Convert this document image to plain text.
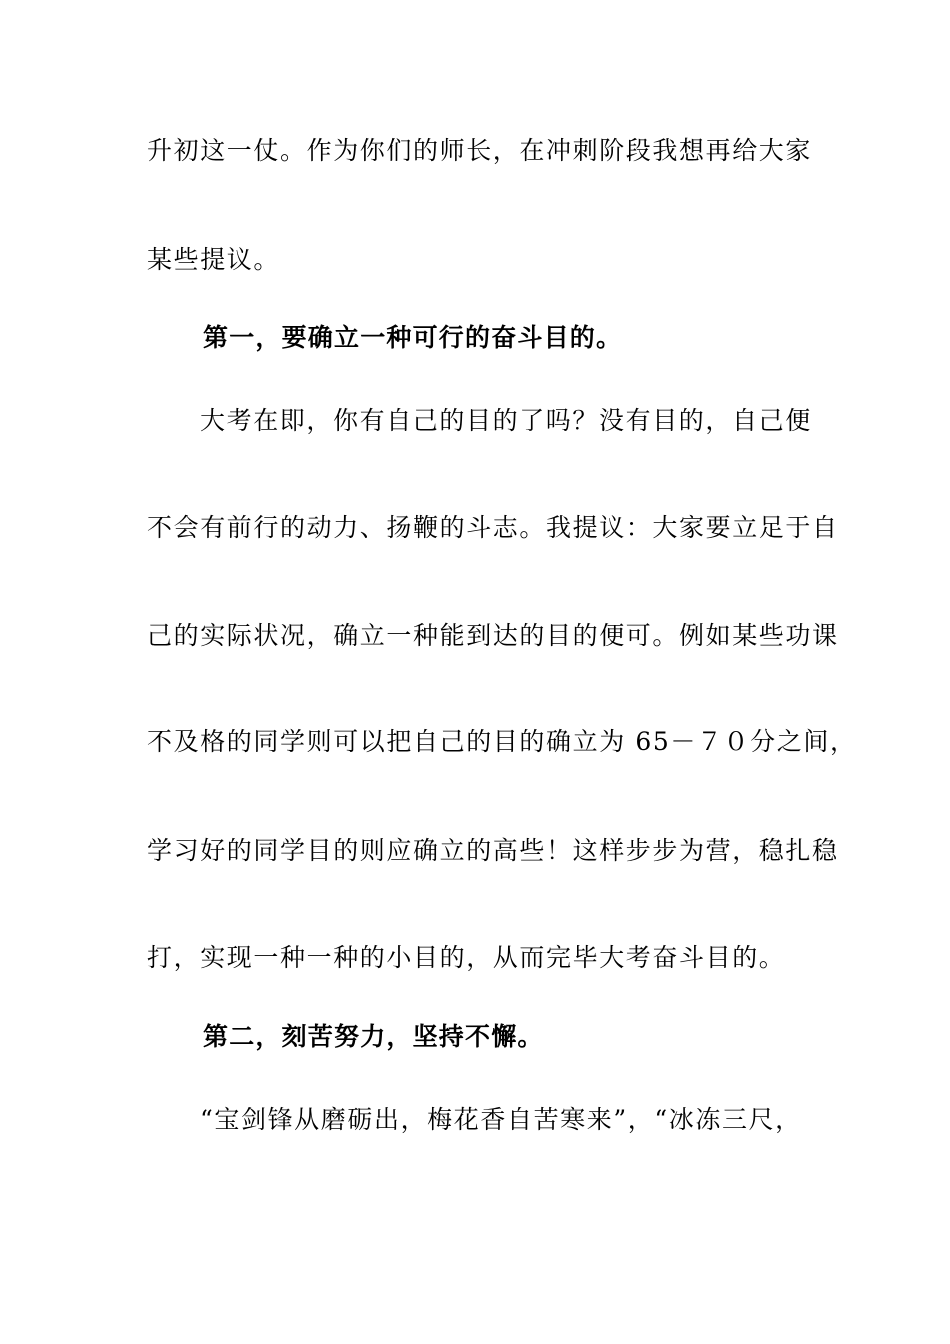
升初这一仗。作为你们的师长，在冲刺阶段我想再给大家
某些提议。
第一，要确立一种可行的奋斗目的。
大考在即，你有自己的目的了吗？没有目的，自己便
不会有前行的动力、扬鞭的斗志。我提议：大家要立足于自
己的实际状况，确立一种能到达的目的便可。例如某些功课
不及格的同学则可以把自己的目的确立为 65－７０分之间，
学习好的同学目的则应确立的高些！这样步步为营，稳扎稳
打，实现一种一种的小目的，从而完毕大考奋斗目的。
第二，刻苦努力，坚持不懈。
“宝剑锋从磨砺出，梅花香自苦寒来”，“冰冻三尺，
